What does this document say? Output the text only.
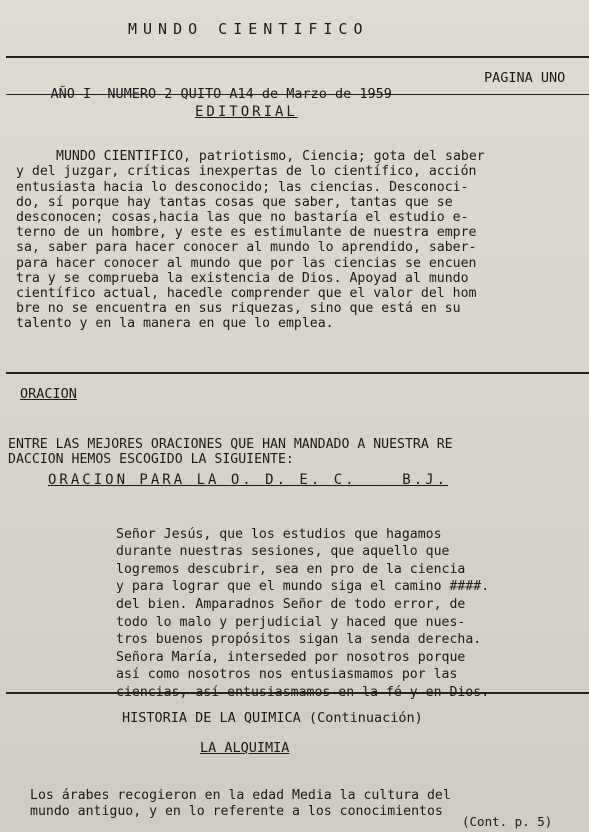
MUNDO CIENTIFICO

AÑO I  NUMERO 2 QUITO A14 de Marzo de 1959

PAGINA UNO

EDITORIAL

MUNDO CIENTIFICO, patriotismo, Ciencia; gota del saber
y del juzgar, críticas inexpertas de lo científico, acción
entusiasta hacia lo desconocido; las ciencias. Desconoci-
do, sí porque hay tantas cosas que saber, tantas que se
desconocen; cosas,hacia las que no bastaría el estudio e-
terno de un hombre, y este es estimulante de nuestra empre
sa, saber para hacer conocer al mundo lo aprendido, saber-
para hacer conocer al mundo que por las ciencias se encuen
tra y se comprueba la existencia de Dios. Apoyad al mundo
científico actual, hacedle comprender que el valor del hom
bre no se encuentra en sus riquezas, sino que está en su
talento y en la manera en que lo emplea.
ORACION

ENTRE LAS MEJORES ORACIONES QUE HAN MANDADO A NUESTRA RE
DACCION HEMOS ESCOGIDO LA SIGUIENTE:
ORACION PARA LA O. D. E. C.    B.J.

Señor Jesús, que los estudios que hagamos
durante nuestras sesiones, que aquello que
logremos descubrir, sea en pro de la ciencia
y para lograr que el mundo siga el camino ####.
del bien. Amparadnos Señor de todo error, de
todo lo malo y perjudicial y haced que nues-
tros buenos propósitos sigan la senda derecha.
Señora María, interseded por nosotros porque
así como nosotros nos entusiasmamos por las
ciencias, así entusiasmamos en la fé y en Dios.
HISTORIA DE LA QUIMICA (Continuación)
LA ALQUIMIA

Los árabes recogieron en la edad Media la cultura del
mundo antiguo, y en lo referente a los conocimientos
(Cont. p. 5)
